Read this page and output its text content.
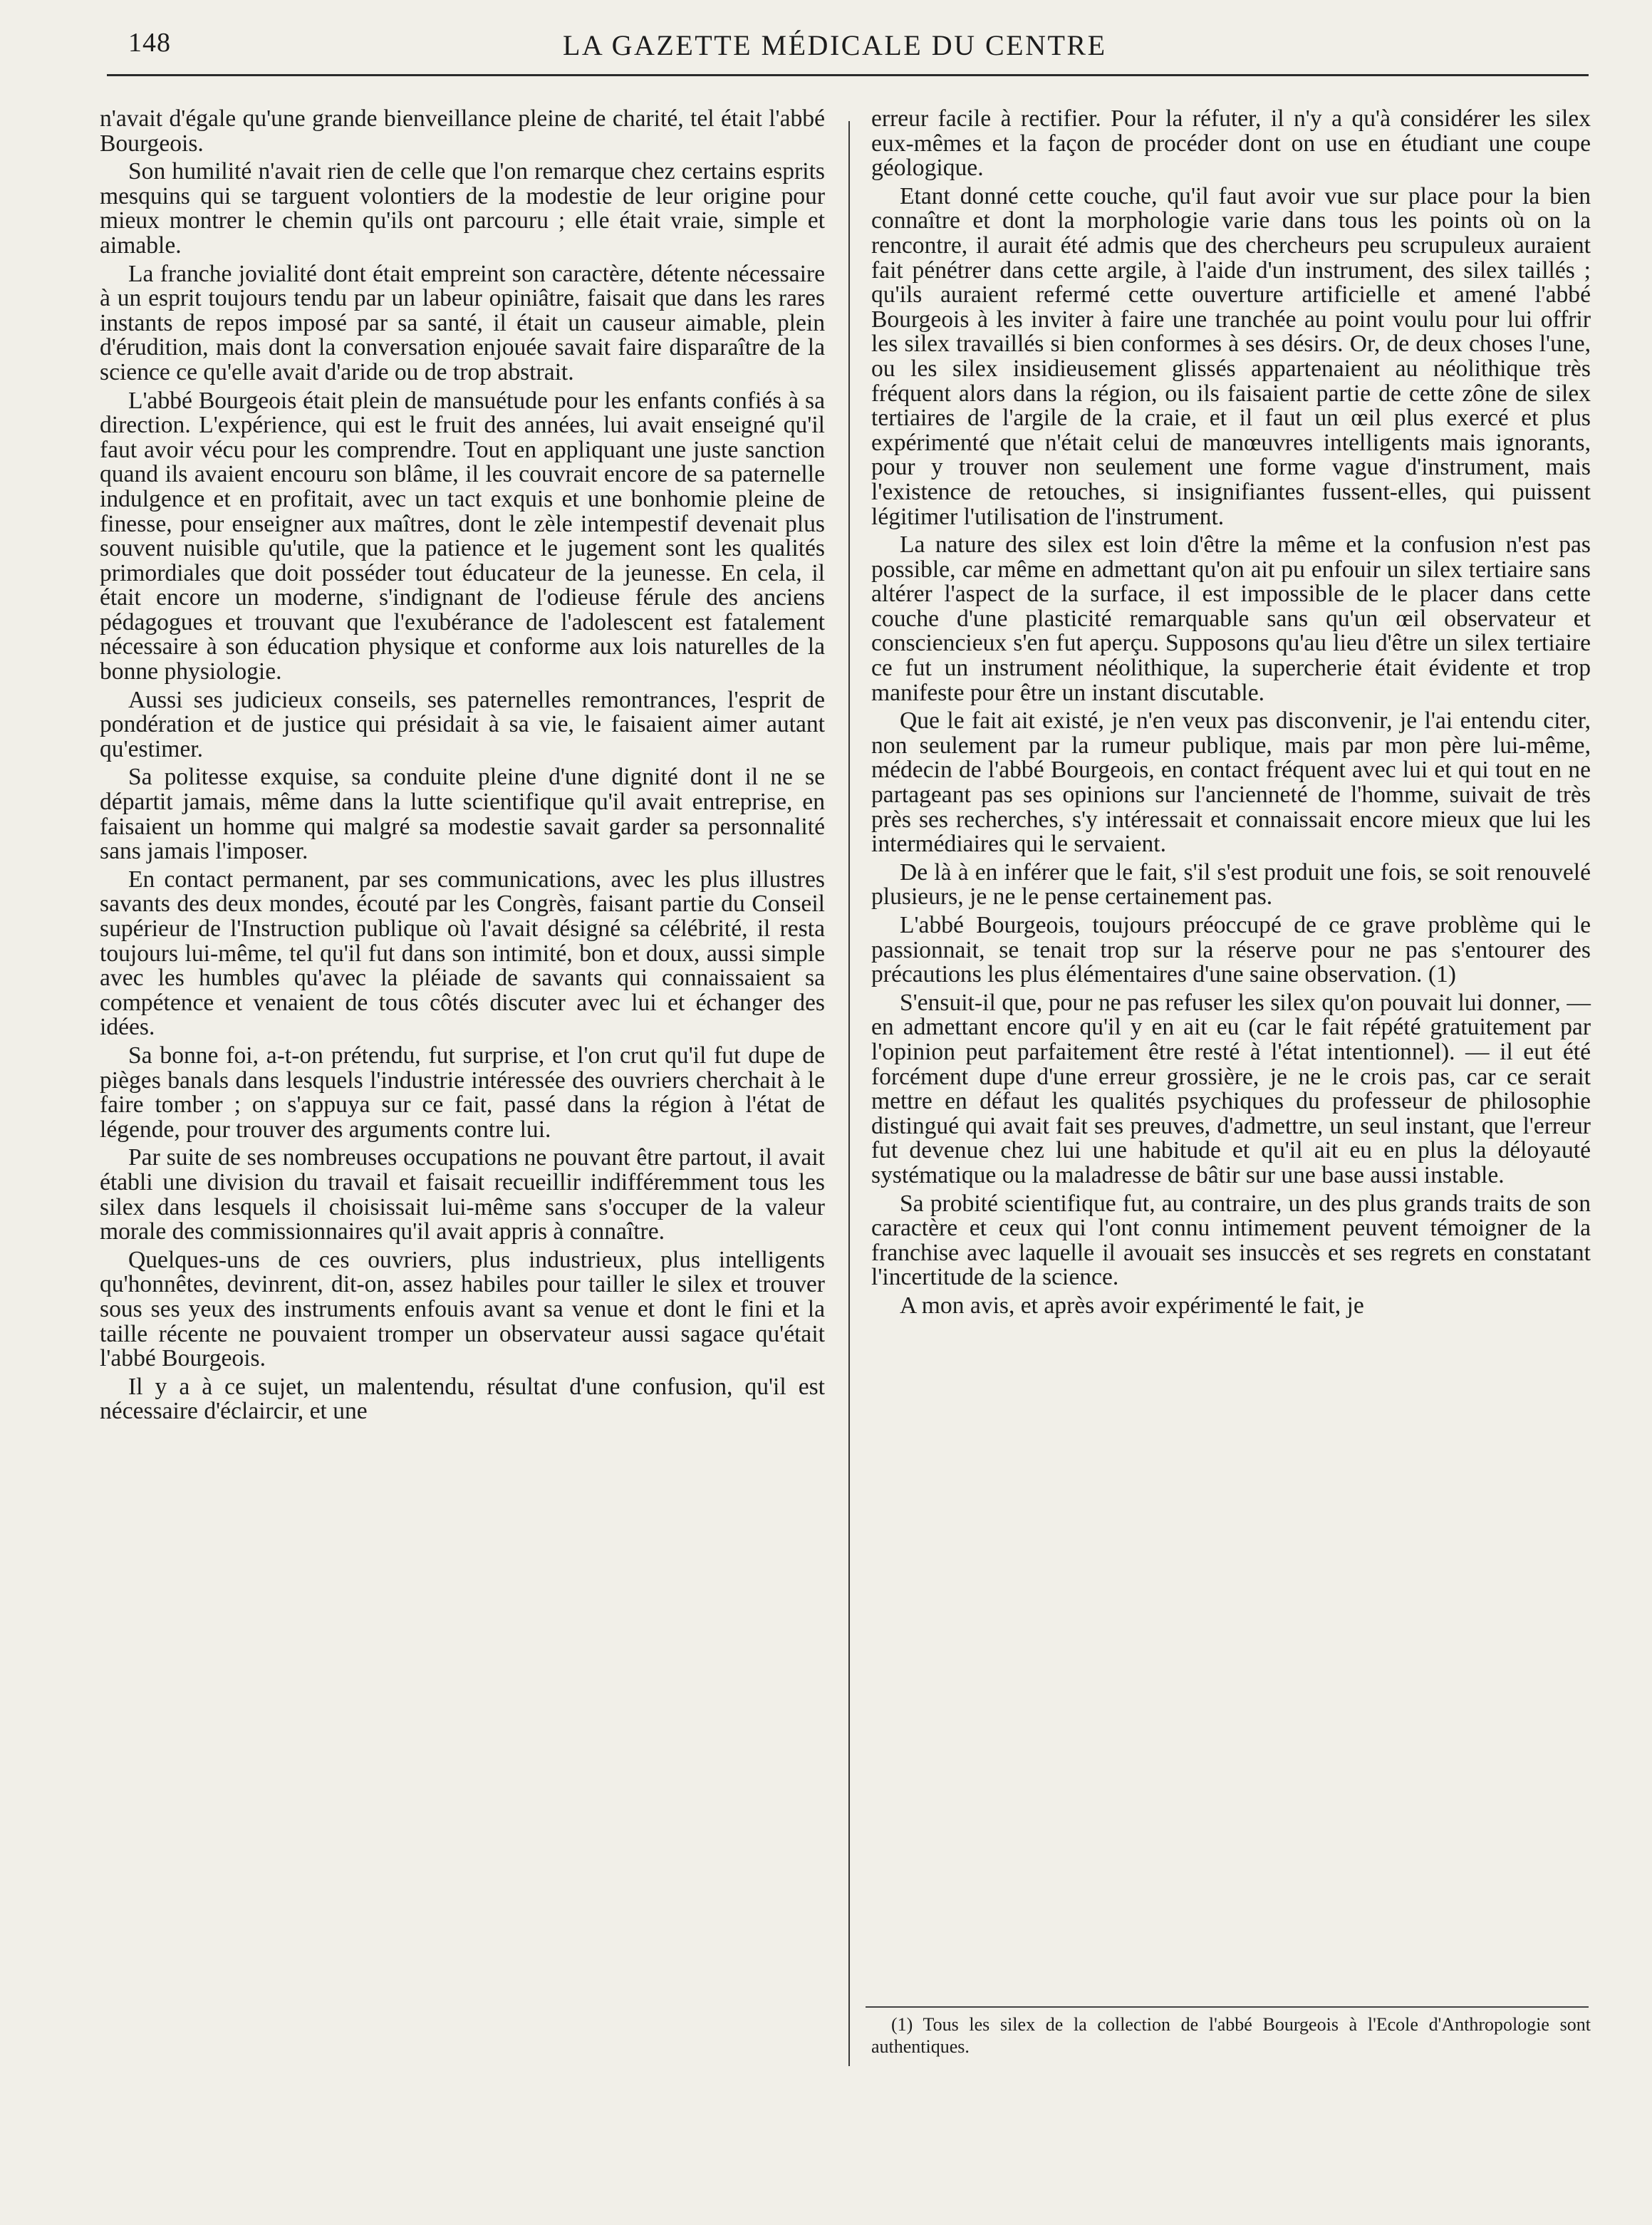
148	LA GAZETTE MÉDICALE DU CENTRE

n'avait d'égale qu'une grande bienveillance pleine de charité, tel était l'abbé Bourgeois.

Son humilité n'avait rien de celle que l'on remarque chez certains esprits mesquins qui se targuent volontiers de la modestie de leur origine pour mieux montrer le chemin qu'ils ont parcouru ; elle était vraie, simple et aimable.

La franche jovialité dont était empreint son caractère, détente nécessaire à un esprit toujours tendu par un labeur opiniâtre, faisait que dans les rares instants de repos imposé par sa santé, il était un causeur aimable, plein d'érudition, mais dont la conversation enjouée savait faire disparaître de la science ce qu'elle avait d'aride ou de trop abstrait.

L'abbé Bourgeois était plein de mansuétude pour les enfants confiés à sa direction. L'expérience, qui est le fruit des années, lui avait enseigné qu'il faut avoir vécu pour les comprendre. Tout en appliquant une juste sanction quand ils avaient encouru son blâme, il les couvrait encore de sa paternelle indulgence et en profitait, avec un tact exquis et une bonhomie pleine de finesse, pour enseigner aux maîtres, dont le zèle intempestif devenait plus souvent nuisible qu'utile, que la patience et le jugement sont les qualités primordiales que doit posséder tout éducateur de la jeunesse. En cela, il était encore un moderne, s'indignant de l'odieuse férule des anciens pédagogues et trouvant que l'exubérance de l'adolescent est fatalement nécessaire à son éducation physique et conforme aux lois naturelles de la bonne physiologie.

Aussi ses judicieux conseils, ses paternelles remontrances, l'esprit de pondération et de justice qui présidait à sa vie, le faisaient aimer autant qu'estimer.

Sa politesse exquise, sa conduite pleine d'une dignité dont il ne se départit jamais, même dans la lutte scientifique qu'il avait entreprise, en faisaient un homme qui malgré sa modestie savait garder sa personnalité sans jamais l'imposer.

En contact permanent, par ses communications, avec les plus illustres savants des deux mondes, écouté par les Congrès, faisant partie du Conseil supérieur de l'Instruction publique où l'avait désigné sa célébrité, il resta toujours lui-même, tel qu'il fut dans son intimité, bon et doux, aussi simple avec les humbles qu'avec la pléiade de savants qui connaissaient sa compétence et venaient de tous côtés discuter avec lui et échanger des idées.

Sa bonne foi, a-t-on prétendu, fut surprise, et l'on crut qu'il fut dupe de pièges banals dans lesquels l'industrie intéressée des ouvriers cherchait à le faire tomber ; on s'appuya sur ce fait, passé dans la région à l'état de légende, pour trouver des arguments contre lui.

Par suite de ses nombreuses occupations ne pouvant être partout, il avait établi une division du travail et faisait recueillir indifféremment tous les silex dans lesquels il choisissait lui-même sans s'occuper de la valeur morale des commissionnaires qu'il avait appris à connaître.

Quelques-uns de ces ouvriers, plus industrieux, plus intelligents qu'honnêtes, devinrent, dit-on, assez habiles pour tailler le silex et trouver sous ses yeux des instruments enfouis avant sa venue et dont le fini et la taille récente ne pouvaient tromper un observateur aussi sagace qu'était l'abbé Bourgeois.

Il y a à ce sujet, un malentendu, résultat d'une confusion, qu'il est nécessaire d'éclaircir, et une

erreur facile à rectifier. Pour la réfuter, il n'y a qu'à considérer les silex eux-mêmes et la façon de procéder dont on use en étudiant une coupe géologique.

Etant donné cette couche, qu'il faut avoir vue sur place pour la bien connaître et dont la morphologie varie dans tous les points où on la rencontre, il aurait été admis que des chercheurs peu scrupuleux auraient fait pénétrer dans cette argile, à l'aide d'un instrument, des silex taillés ; qu'ils auraient refermé cette ouverture artificielle et amené l'abbé Bourgeois à les inviter à faire une tranchée au point voulu pour lui offrir les silex travaillés si bien conformes à ses désirs. Or, de deux choses l'une, ou les silex insidieusement glissés appartenaient au néolithique très fréquent alors dans la région, ou ils faisaient partie de cette zône de silex tertiaires de l'argile de la craie, et il faut un œil plus exercé et plus expérimenté que n'était celui de manœuvres intelligents mais ignorants, pour y trouver non seulement une forme vague d'instrument, mais l'existence de retouches, si insignifiantes fussent-elles, qui puissent légitimer l'utilisation de l'instrument.

La nature des silex est loin d'être la même et la confusion n'est pas possible, car même en admettant qu'on ait pu enfouir un silex tertiaire sans altérer l'aspect de la surface, il est impossible de le placer dans cette couche d'une plasticité remarquable sans qu'un œil observateur et consciencieux s'en fut aperçu. Supposons qu'au lieu d'être un silex tertiaire ce fut un instrument néolithique, la supercherie était évidente et trop manifeste pour être un instant discutable.

Que le fait ait existé, je n'en veux pas disconvenir, je l'ai entendu citer, non seulement par la rumeur publique, mais par mon père lui-même, médecin de l'abbé Bourgeois, en contact fréquent avec lui et qui tout en ne partageant pas ses opinions sur l'ancienneté de l'homme, suivait de très près ses recherches, s'y intéressait et connaissait encore mieux que lui les intermédiaires qui le servaient.

De là à en inférer que le fait, s'il s'est produit une fois, se soit renouvelé plusieurs, je ne le pense certainement pas.

L'abbé Bourgeois, toujours préoccupé de ce grave problème qui le passionnait, se tenait trop sur la réserve pour ne pas s'entourer des précautions les plus élémentaires d'une saine observation. (1)

S'ensuit-il que, pour ne pas refuser les silex qu'on pouvait lui donner, — en admettant encore qu'il y en ait eu (car le fait répété gratuitement par l'opinion peut parfaitement être resté à l'état intentionnel). — il eut été forcément dupe d'une erreur grossière, je ne le crois pas, car ce serait mettre en défaut les qualités psychiques du professeur de philosophie distingué qui avait fait ses preuves, d'admettre, un seul instant, que l'erreur fut devenue chez lui une habitude et qu'il ait eu en plus la déloyauté systématique ou la maladresse de bâtir sur une base aussi instable.

Sa probité scientifique fut, au contraire, un des plus grands traits de son caractère et ceux qui l'ont connu intimement peuvent témoigner de la franchise avec laquelle il avouait ses insuccès et ses regrets en constatant l'incertitude de la science.

A mon avis, et après avoir expérimenté le fait, je

(1) Tous les silex de la collection de l'abbé Bourgeois à l'Ecole d'Anthropologie sont authentiques.
